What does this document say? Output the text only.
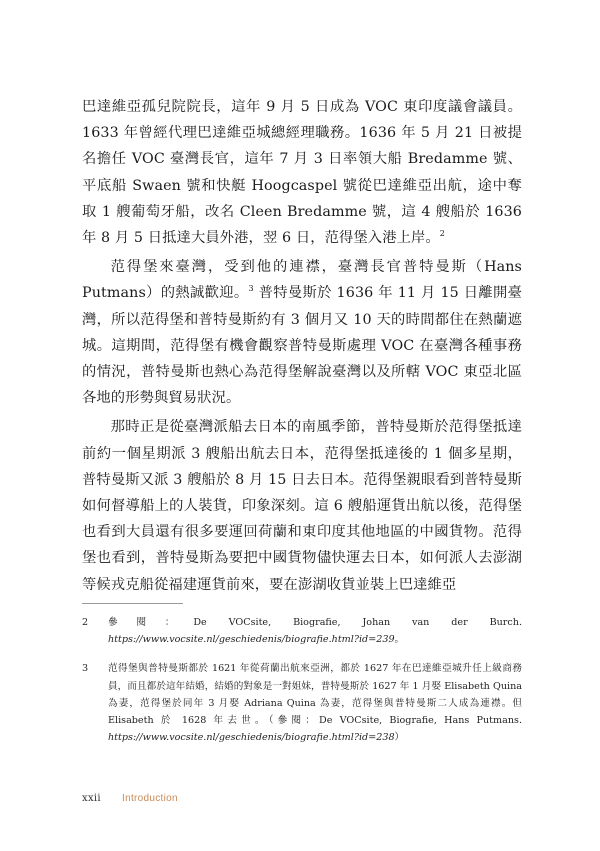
巴達維亞孤兒院院長，這年 9 月 5 日成為 VOC 東印度議會議員。1633 年曾經代理巴達維亞城總經理職務。1636 年 5 月 21 日被提名擔任 VOC 臺灣長官，這年 7 月 3 日率領大船 Bredamme 號、平底船 Swaen 號和快艇 Hoogcaspel 號從巴達維亞出航，途中奪取 1 艘葡萄牙船，改名 Cleen Bredamme 號，這 4 艘船於 1636 年 8 月 5 日抵達大員外港，翌 6 日，范得堡入港上岸。$^2$

范得堡來臺灣，受到他的連襟，臺灣長官普特曼斯（Hans Putmans）的熱誠歡迎。$^3$ 普特曼斯於 1636 年 11 月 15 日離開臺灣，所以范得堡和普特曼斯約有 3 個月又 10 天的時間都住在熱蘭遮城。這期間，范得堡有機會觀察普特曼斯處理 VOC 在臺灣各種事務的情況，普特曼斯也熱心為范得堡解說臺灣以及所轄 VOC 東亞北區各地的形勢與貿易狀況。

那時正是從臺灣派船去日本的南風季節，普特曼斯於范得堡抵達前約一個星期派 3 艘船出航去日本，范得堡抵達後的 1 個多星期，普特曼斯又派 3 艘船於 8 月 15 日去日本。范得堡親眼看到普特曼斯如何督導船上的人裝貨，印象深刻。這 6 艘船運貨出航以後，范得堡也看到大員還有很多要運回荷蘭和東印度其他地區的中國貨物。范得堡也看到，普特曼斯為要把中國貨物儘快運去日本，如何派人去澎湖等候戎克船從福建運貨前來，要在澎湖收貨並裝上巴達維亞

2	參閱：De VOCsite, Biografie, Johan van der Burch. https://www.vocsite.nl/geschiedenis/biografie.html?id=239。
3	范得堡與普特曼斯都於 1621 年從荷蘭出航來亞洲，都於 1627 年在巴達維亞城升任上級商務員，而且都於這年結婚，結婚的對象是一對姐妹，普特曼斯於 1627 年 1 月娶 Elisabeth Quina 為妻，范得堡於同年 3 月娶 Adriana Quina 為妻，范得堡與普特曼斯二人成為連襟。但 Elisabeth 於 1628 年去世。（參閱：De VOCsite, Biografie, Hans Putmans. https://www.vocsite.nl/geschiedenis/biografie.html?id=238）
xxii Introduction
